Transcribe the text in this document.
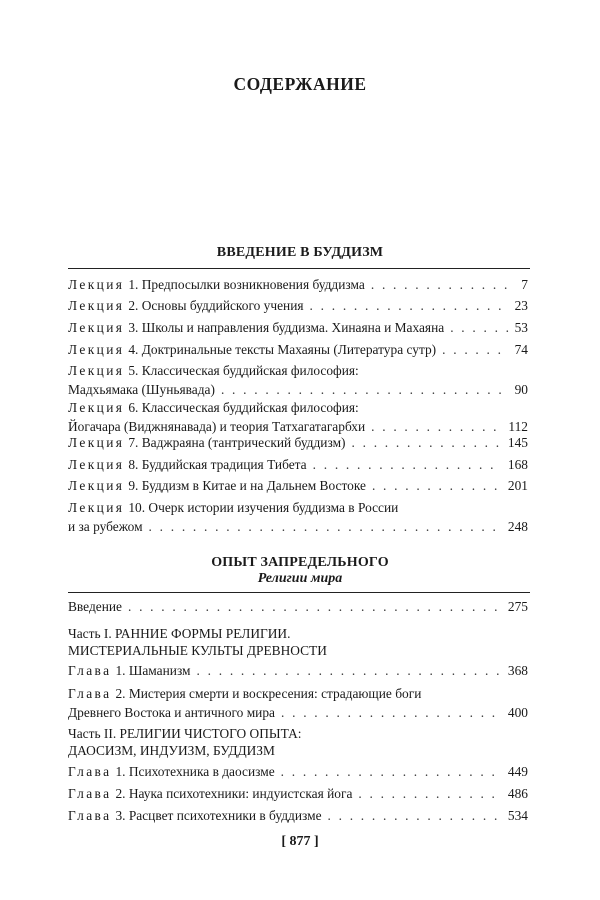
СОДЕРЖАНИЕ
ВВЕДЕНИЕ В БУДДИЗМ
Лекция 1. Предпосылки возникновения буддизма . . .	7
Лекция 2. Основы буддийского учения . . .	23
Лекция 3. Школы и направления буддизма. Хинаяна и Махаяна . . .	53
Лекция 4. Доктринальные тексты Махаяны (Литература сутр) . . .	74
Лекция 5. Классическая буддийская философия:
Мадхьямака (Шуньявада) . . .	90
Лекция 6. Классическая буддийская философия:
Йогачара (Виджнянавада) и теория Татхагатагарбхи . . .	112
Лекция 7. Ваджраяна (тантрический буддизм) . . .	145
Лекция 8. Буддийская традиция Тибета . . .	168
Лекция 9. Буддизм в Китае и на Дальнем Востоке . . .	201
Лекция 10. Очерк истории изучения буддизма в России
и за рубежом . . .	248
ОПЫТ ЗАПРЕДЕЛЬНОГО
Религии мира
Введение . . .	275
Часть I. РАННИЕ ФОРМЫ РЕЛИГИИ.
МИСТЕРИАЛЬНЫЕ КУЛЬТЫ ДРЕВНОСТИ
Глава 1. Шаманизм . . .	368
Глава 2. Мистерия смерти и воскресения: страдающие боги
Древнего Востока и античного мира . . .	400
Часть II. РЕЛИГИИ ЧИСТОГО ОПЫТА:
ДАОСИЗМ, ИНДУИЗМ, БУДДИЗМ
Глава 1. Психотехника в даосизме . . .	449
Глава 2. Наука психотехники: индуистская йога . . .	486
Глава 3. Расцвет психотехники в буддизме . . .	534
[ 877 ]
